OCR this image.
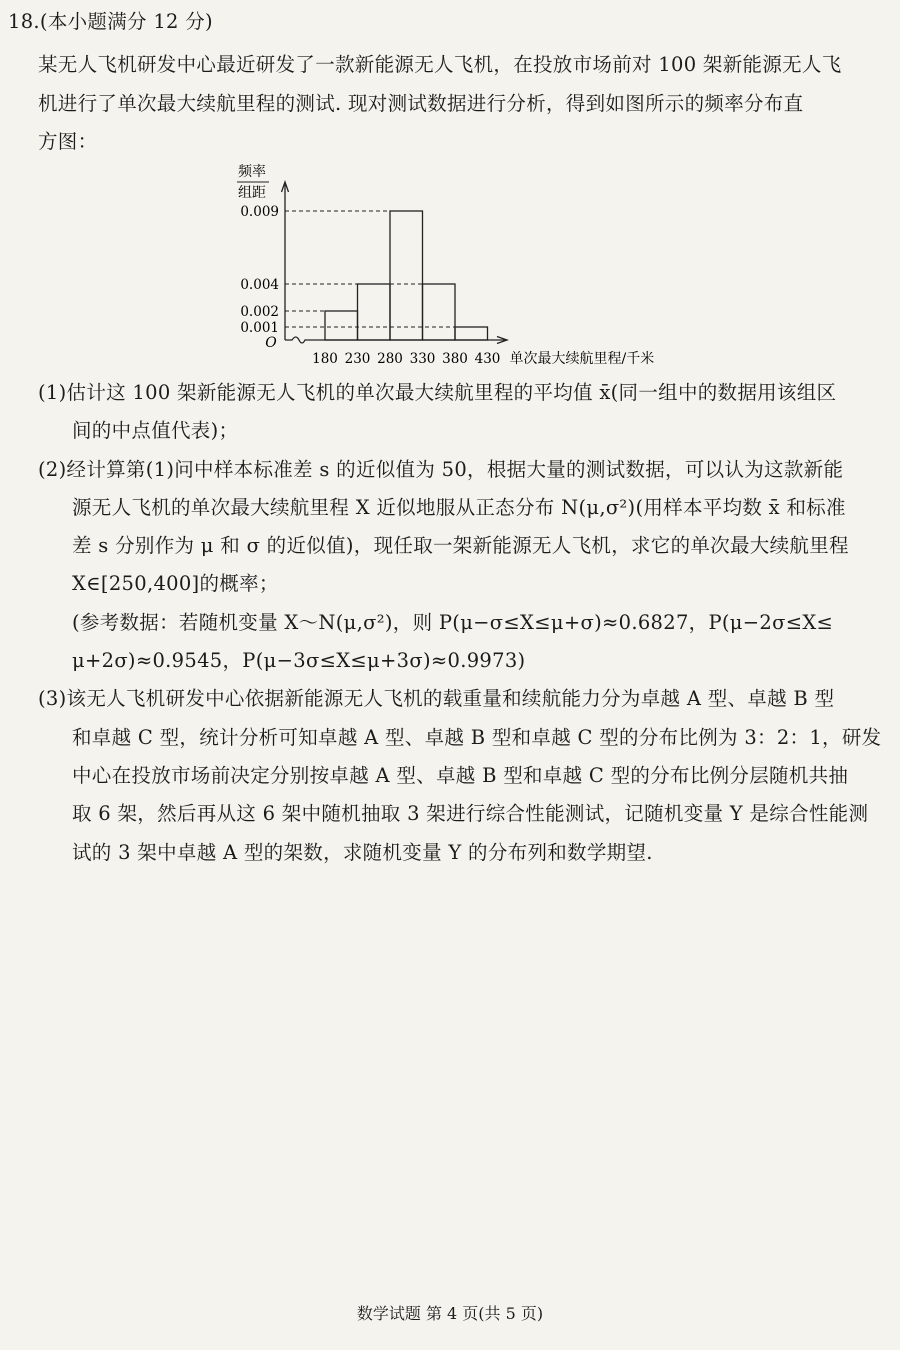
18.(本小题满分 12 分)
某无人飞机研发中心最近研发了一款新能源无人飞机，在投放市场前对 100 架新能源无人飞
机进行了单次最大续航里程的测试. 现对测试数据进行分析，得到如图所示的频率分布直
方图：
频率
组距
O
0.009
0.004
0.002
0.001
180 230 280 330 380 430 单次最大续航里程/千米
(1)估计这 100 架新能源无人飞机的单次最大续航里程的平均值 x̄(同一组中的数据用该组区
间的中点值代表)；
(2)经计算第(1)问中样本标准差 s 的近似值为 50，根据大量的测试数据，可以认为这款新能
源无人飞机的单次最大续航里程 X 近似地服从正态分布 N(μ,σ²)(用样本平均数 x̄ 和标准
差 s 分别作为 μ 和 σ 的近似值)，现任取一架新能源无人飞机，求它的单次最大续航里程
X∈[250,400]的概率；
(参考数据：若随机变量 X～N(μ,σ²)，则 P(μ−σ≤X≤μ+σ)≈0.6827，P(μ−2σ≤X≤
μ+2σ)≈0.9545，P(μ−3σ≤X≤μ+3σ)≈0.9973)
(3)该无人飞机研发中心依据新能源无人飞机的载重量和续航能力分为卓越 A 型、卓越 B 型
和卓越 C 型，统计分析可知卓越 A 型、卓越 B 型和卓越 C 型的分布比例为 3：2：1，研发
中心在投放市场前决定分别按卓越 A 型、卓越 B 型和卓越 C 型的分布比例分层随机共抽
取 6 架，然后再从这 6 架中随机抽取 3 架进行综合性能测试，记随机变量 Y 是综合性能测
试的 3 架中卓越 A 型的架数，求随机变量 Y 的分布列和数学期望.
数学试题 第 4 页(共 5 页)
